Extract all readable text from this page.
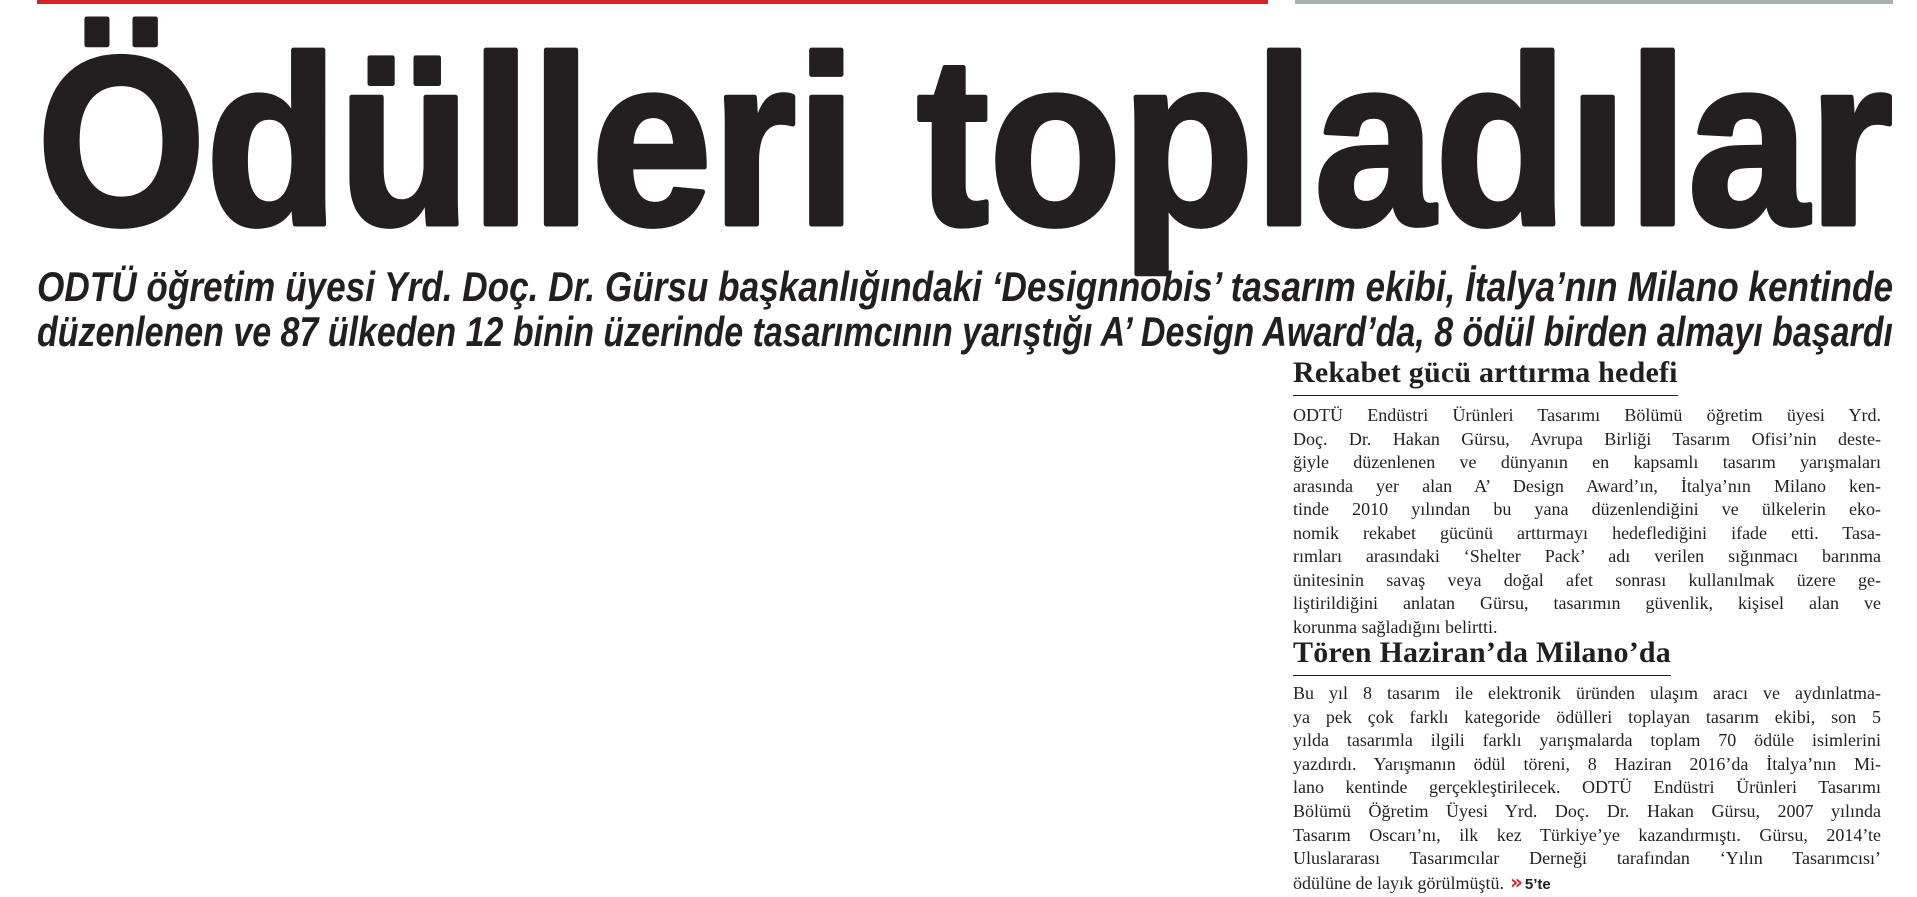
Ödülleri topladılar
ODTÜ öğretim üyesi Yrd. Doç. Dr. Gürsu başkanlığındaki ‘Designnobis’ tasarım ekibi, İtalya’nın Milano kentinde
düzenlenen ve 87 ülkeden 12 binin üzerinde tasarımcının yarıştığı A’ Design Award’da, 8 ödül birden almayı başardı
Rekabet gücü arttırma hedefi
ODTÜ Endüstri Ürünleri Tasarımı Bölümü öğretim üyesi Yrd.
Doç. Dr. Hakan Gürsu, Avrupa Birliği Tasarım Ofisi’nin deste-
ğiyle düzenlenen ve dünyanın en kapsamlı tasarım yarışmaları
arasında yer alan A’ Design Award’ın, İtalya’nın Milano ken-
tinde 2010 yılından bu yana düzenlendiğini ve ülkelerin eko-
nomik rekabet gücünü arttırmayı hedeflediğini ifade etti. Tasa-
rımları arasındaki ‘Shelter Pack’ adı verilen sığınmacı barınma
ünitesinin savaş veya doğal afet sonrası kullanılmak üzere ge-
liştirildiğini anlatan Gürsu, tasarımın güvenlik, kişisel alan ve
korunma sağladığını belirtti.
Tören Haziran’da Milano’da
Bu yıl 8 tasarım ile elektronik üründen ulaşım aracı ve aydınlatma-
ya pek çok farklı kategoride ödülleri toplayan tasarım ekibi, son 5
yılda tasarımla ilgili farklı yarışmalarda toplam 70 ödüle isimlerini
yazdırdı. Yarışmanın ödül töreni, 8 Haziran 2016’da İtalya’nın Mi-
lano kentinde gerçekleştirilecek. ODTÜ Endüstri Ürünleri Tasarımı
Bölümü Öğretim Üyesi Yrd. Doç. Dr. Hakan Gürsu, 2007 yılında
Tasarım Oscarı’nı, ilk kez Türkiye’ye kazandırmıştı. Gürsu, 2014’te
Uluslararası Tasarımcılar Derneği tarafından ‘Yılın Tasarımcısı’
ödülüne de layık görülmüştü. » 5’te
